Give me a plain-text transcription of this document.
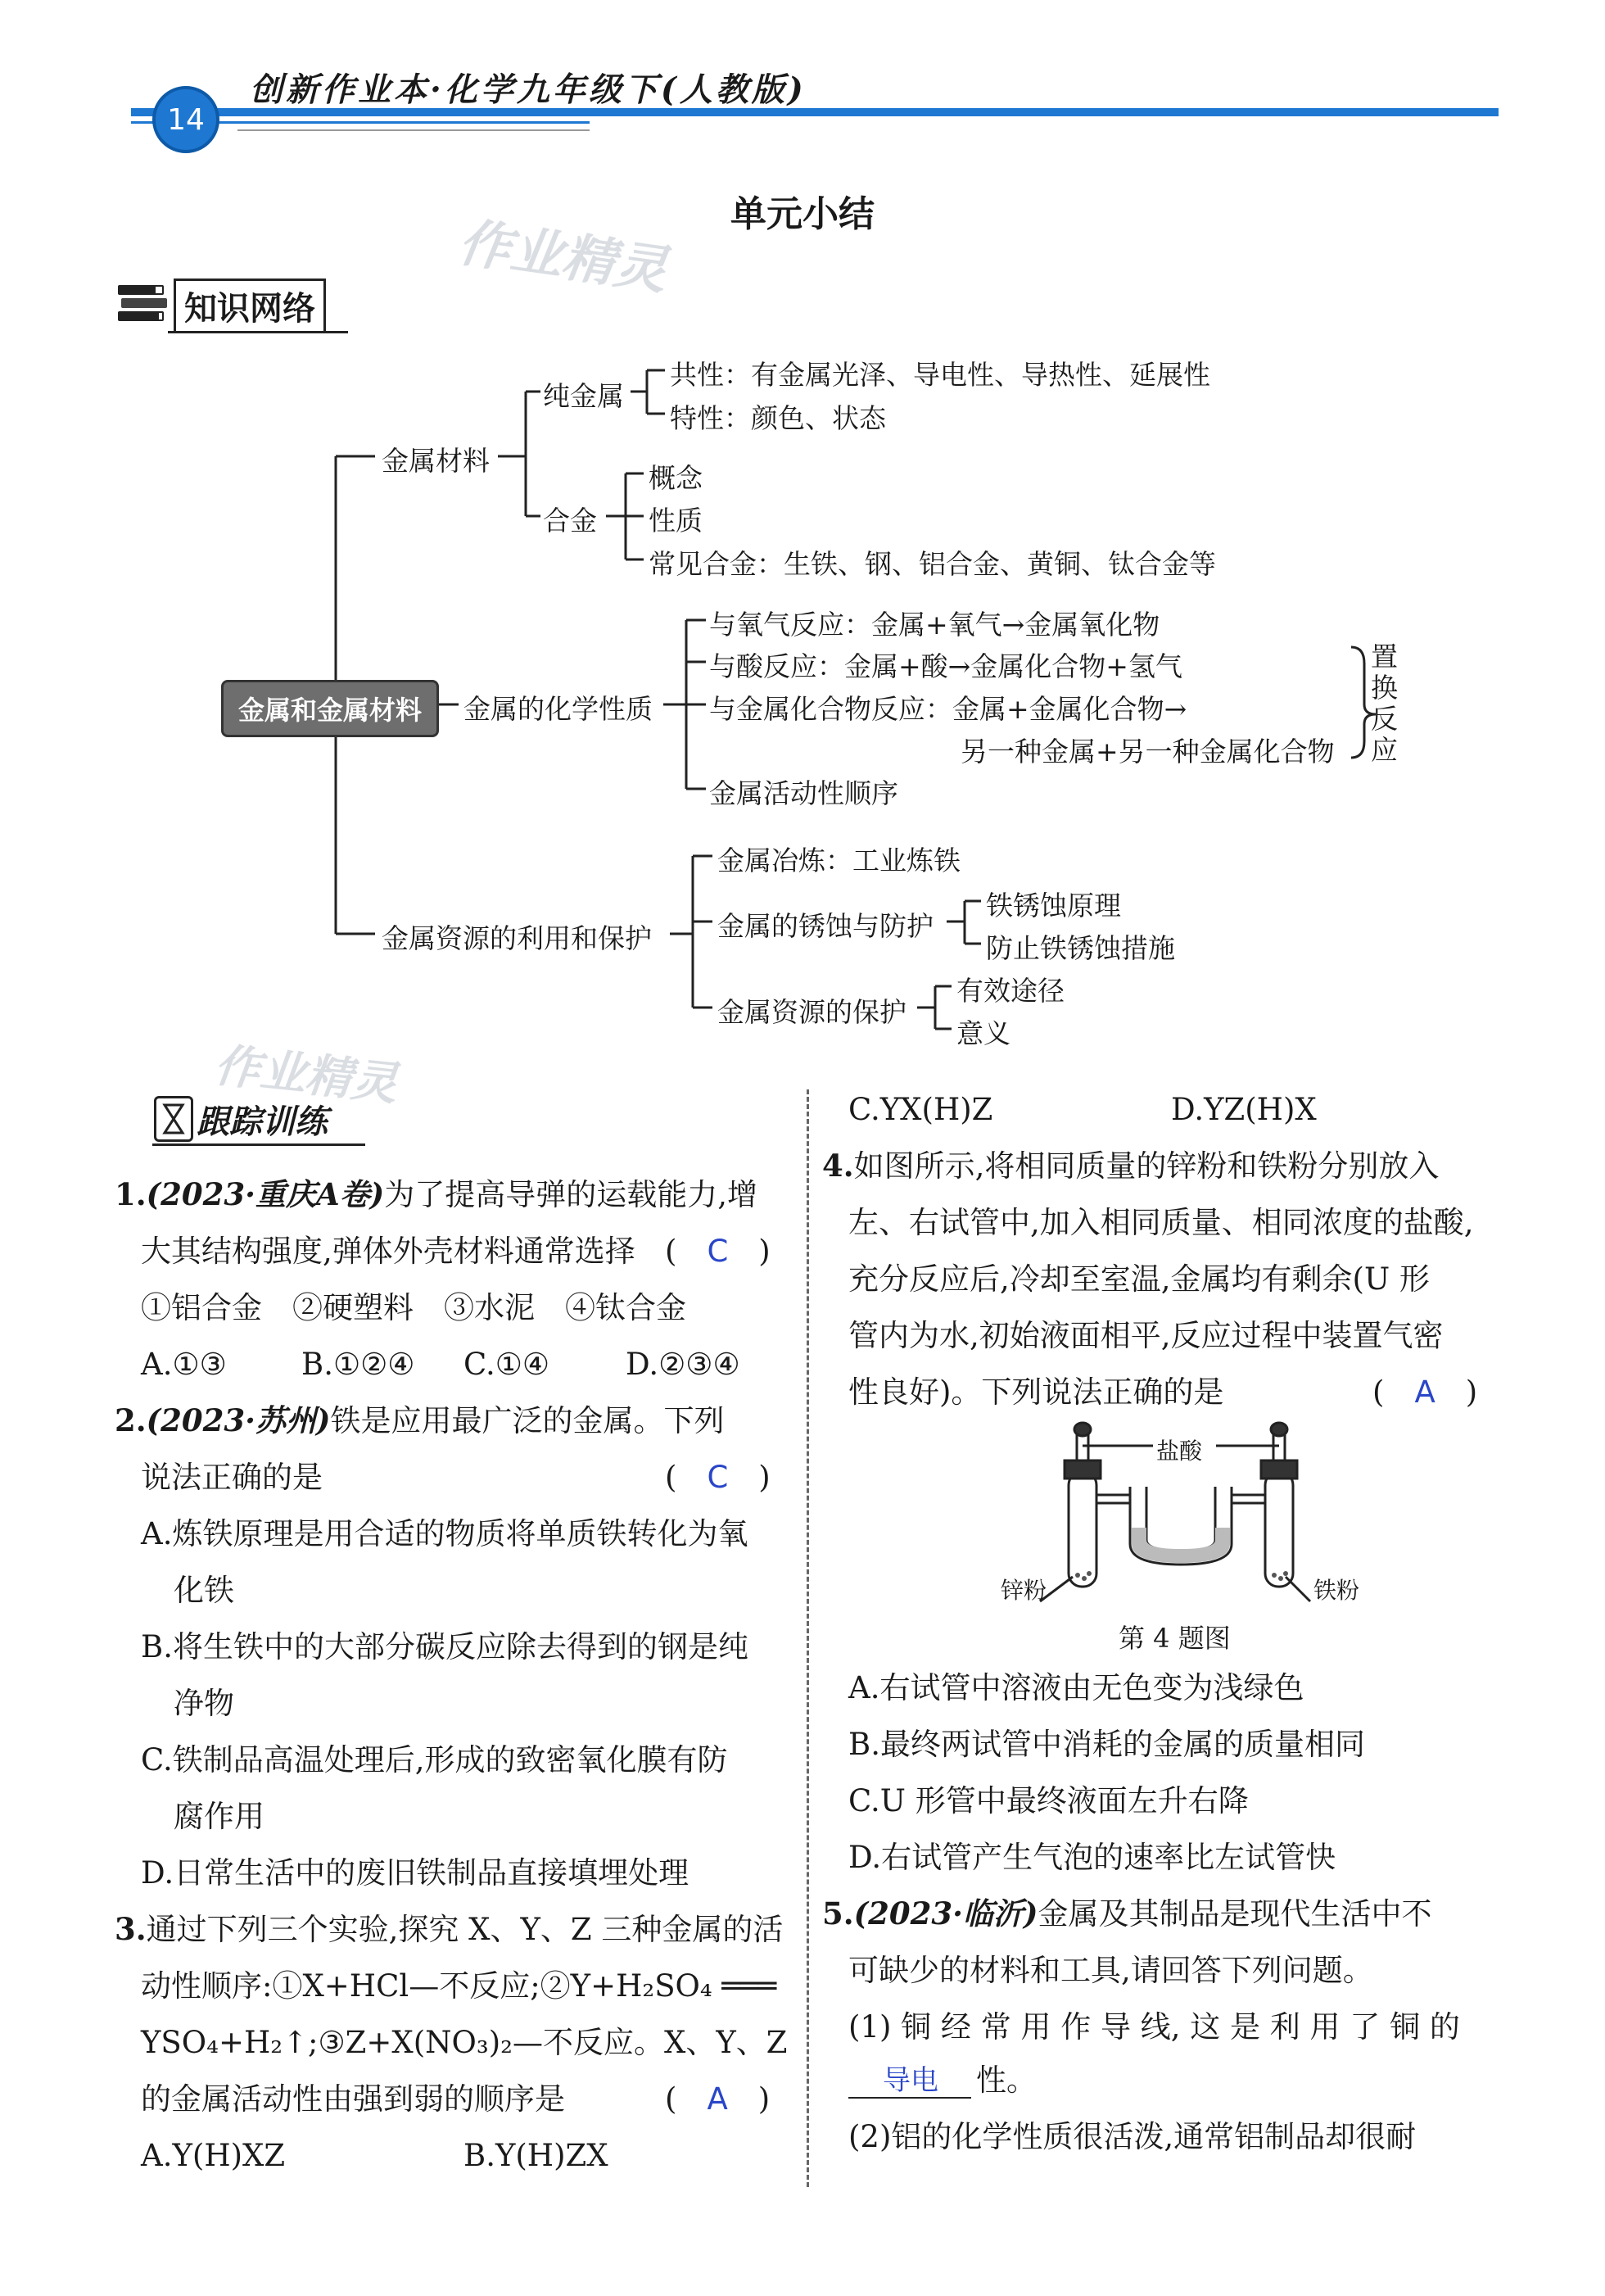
14
创新作业本·化学九年级下(人教版)
作业精灵
作业精灵
单元小结
知识网络
金属和金属材料
金属材料
纯金属
共性：有金属光泽、导电性、导热性、延展性
特性：颜色、状态
合金
概念
性质
常见合金：生铁、钢、铝合金、黄铜、钛合金等
金属的化学性质
与氧气反应：金属+氧气→金属氧化物
与酸反应：金属+酸→金属化合物+氢气
与金属化合物反应：金属+金属化合物→
另一种金属+另一种金属化合物
金属活动性顺序
置
换
反
应
金属资源的利用和保护
金属冶炼：工业炼铁
金属的锈蚀与防护
铁锈蚀原理
防止铁锈蚀措施
金属资源的保护
有效途径
意义
跟踪训练
1.(2023·重庆A卷)为了提高导弹的运载能力,增
大其结构强度,弹体外壳材料通常选择 (　C　)
①铝合金　②硬塑料　③水泥　④钛合金
A.①③ B.①②④ C.①④	D.②③④
2.(2023·苏州)铁是应用最广泛的金属。下列
说法正确的是	(　C　)
A.炼铁原理是用合适的物质将单质铁转化为氧
化铁
B.将生铁中的大部分碳反应除去得到的钢是纯
净物
C.铁制品高温处理后,形成的致密氧化膜有防
腐作用
D.日常生活中的废旧铁制品直接填埋处理
3.通过下列三个实验,探究 X、Y、Z 三种金属的活
动性顺序:①X+HCl—不反应;②Y+H₂SO₄ ═══
YSO₄+H₂↑;③Z+X(NO₃)₂—不反应。X、Y、Z
的金属活动性由强到弱的顺序是	(　A　)
A.Y(H)XZ	B.Y(H)ZX
C.YX(H)Z	D.YZ(H)X
4.如图所示,将相同质量的锌粉和铁粉分别放入
左、右试管中,加入相同质量、相同浓度的盐酸,
充分反应后,冷却至室温,金属均有剩余(U 形
管内为水,初始液面相平,反应过程中装置气密
性良好)。下列说法正确的是	(　A　)
盐酸
锌粉	铁粉
第 4 题图
A.右试管中溶液由无色变为浅绿色
B.最终两试管中消耗的金属的质量相同
C.U 形管中最终液面左升右降
D.右试管产生气泡的速率比左试管快
5.(2023·临沂)金属及其制品是现代生活中不
可缺少的材料和工具,请回答下列问题。
(1) 铜 经 常 用 作 导 线, 这 是 利 用 了 铜 的
导电 性。
(2)铝的化学性质很活泼,通常铝制品却很耐
